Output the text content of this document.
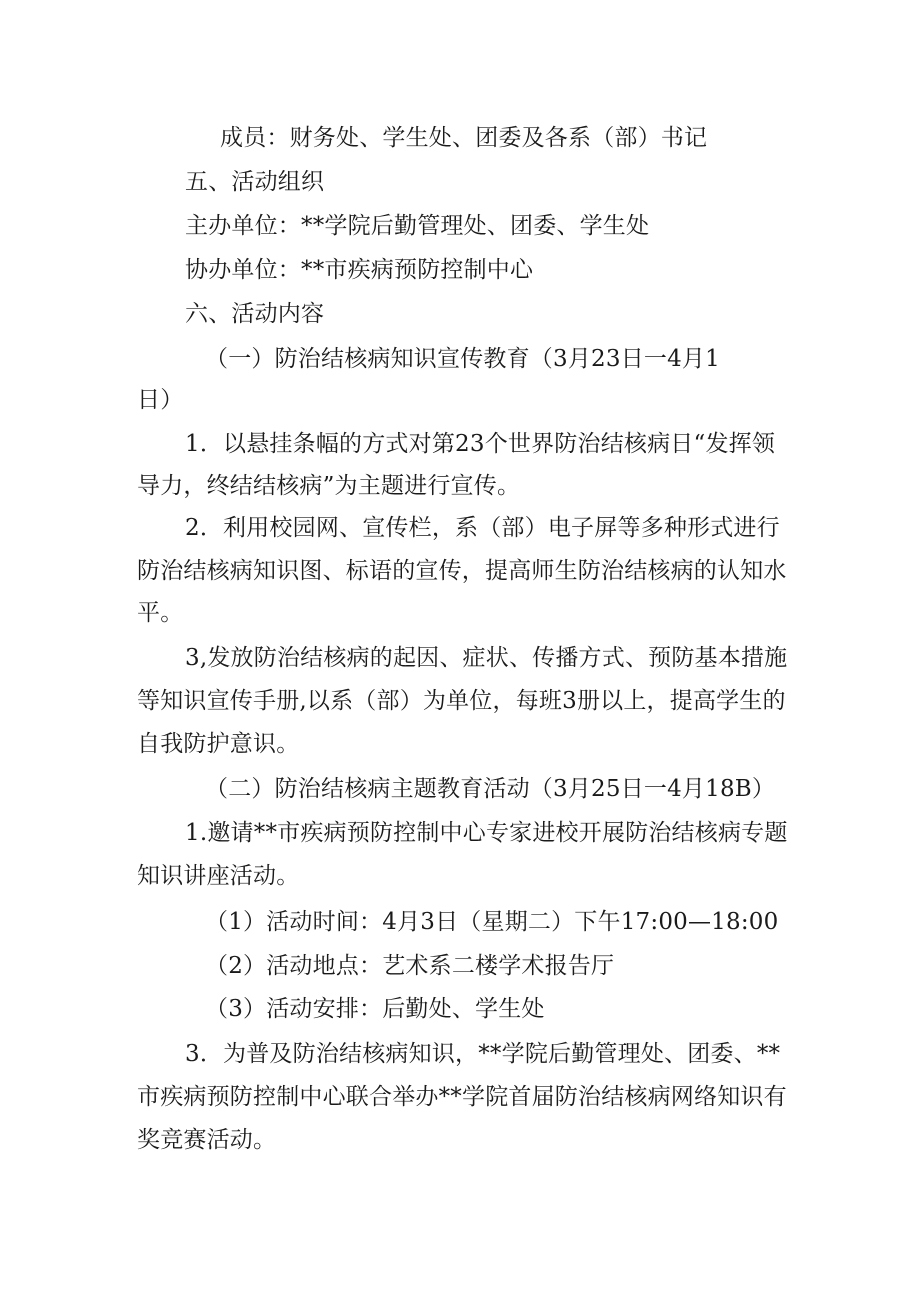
成员：财务处、学生处、团委及各系（部）书记
五、活动组织
主办单位：**学院后勤管理处、团委、学生处
协办单位：**市疾病预防控制中心
六、活动内容
（一）防治结核病知识宣传教育（3月23日一4月1
日）
1．以悬挂条幅的方式对第23个世界防治结核病日“发挥领
导力，终结结核病”为主题进行宣传。
2．利用校园网、宣传栏，系（部）电子屏等多种形式进行
防治结核病知识图、标语的宣传，提高师生防治结核病的认知水
平。
3,发放防治结核病的起因、症状、传播方式、预防基本措施
等知识宣传手册,以系（部）为单位，每班3册以上，提高学生的
自我防护意识。
（二）防治结核病主题教育活动（3月25日一4月18B）
1.邀请**市疾病预防控制中心专家进校开展防治结核病专题
知识讲座活动。
（1）活动时间：4月3日（星期二）下午17:00—18:00
（2）活动地点：艺术系二楼学术报告厅
（3）活动安排：后勤处、学生处
3．为普及防治结核病知识，**学院后勤管理处、团委、**
市疾病预防控制中心联合举办**学院首届防治结核病网络知识有
奖竞赛活动。
